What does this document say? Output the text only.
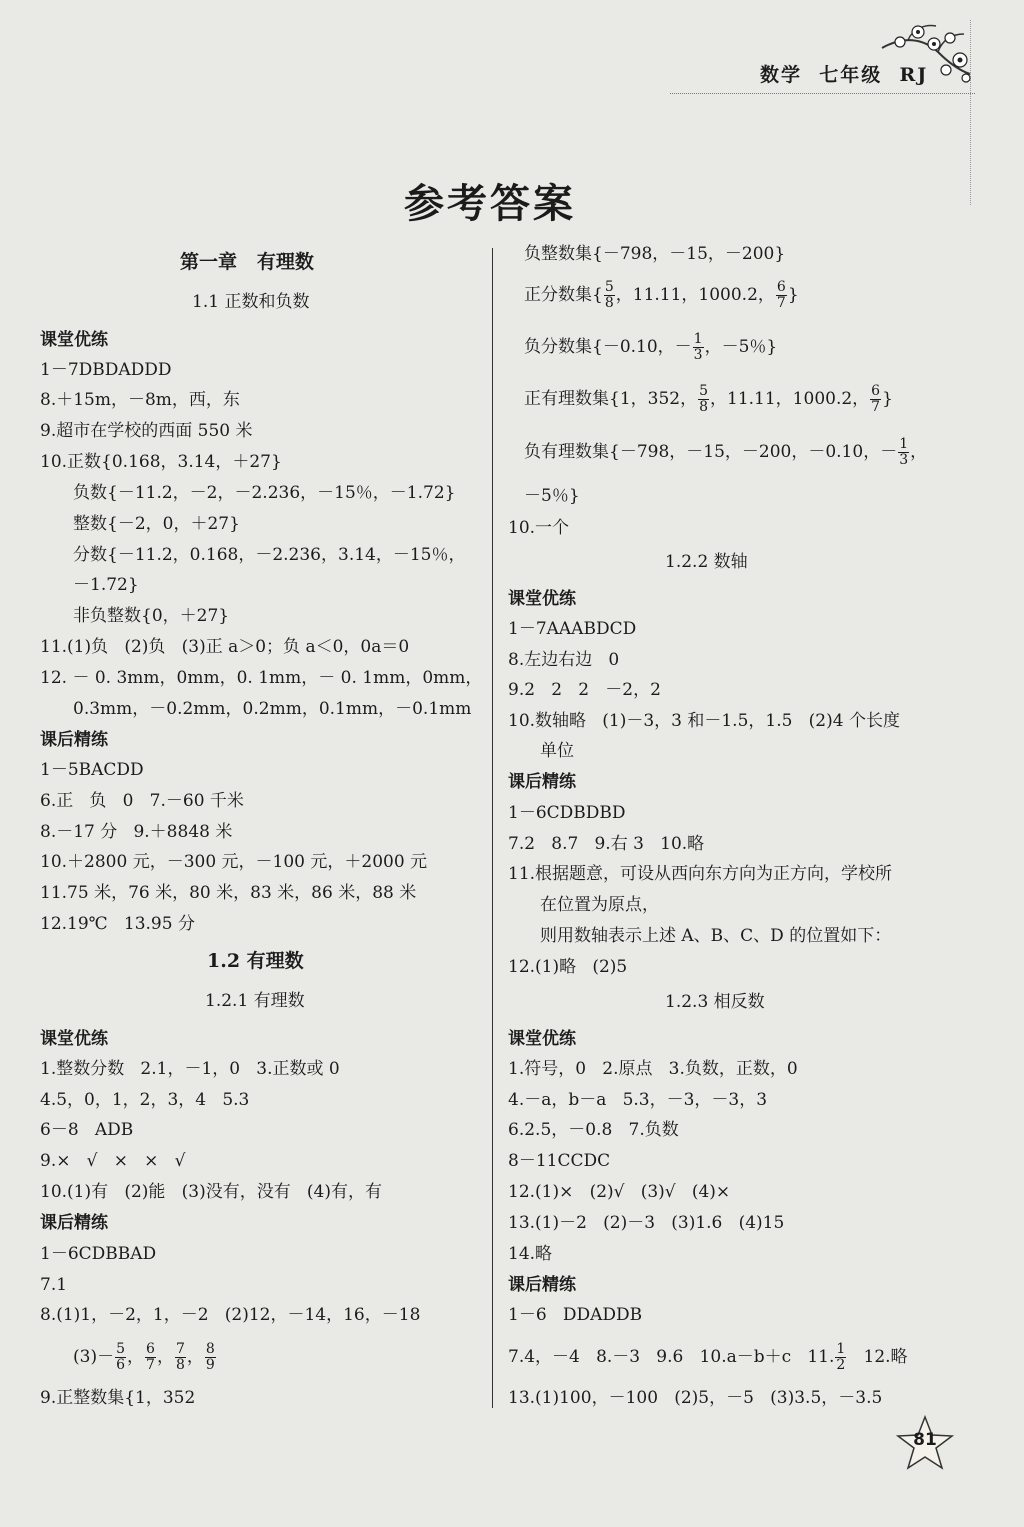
数学  七年级  RJ
参考答案
第一章   有理数
1.1 正数和负数
课堂优练
1－7DBDADDD
8.＋15m，－8m，西，东
9.超市在学校的西面 550 米
10.正数{0.168，3.14，＋27}
负数{－11.2，－2，－2.236，－15％，－1.72}
整数{－2，0，＋27}
分数{－11.2，0.168，－2.236，3.14，－15％，
－1.72}
非负整数{0，＋27}
11.(1)负   (2)负   (3)正 a＞0；负 a＜0，0a＝0
12. － 0. 3mm，0mm，0. 1mm，－ 0. 1mm，0mm，
0.3mm，－0.2mm，0.2mm，0.1mm，－0.1mm
课后精练
1－5BACDD
6.正   负   0   7.－60 千米
8.－17 分   9.＋8848 米
10.＋2800 元，－300 元，－100 元，＋2000 元
11.75 米，76 米，80 米，83 米，86 米，88 米
12.19℃   13.95 分
1.2 有理数
1.2.1 有理数
课堂优练
1.整数分数   2.1，－1，0   3.正数或 0
4.5，0，1，2，3，4   5.3
6－8   ADB
9.×   √   ×   ×   √
10.(1)有   (2)能   (3)没有，没有   (4)有，有
课后精练
1－6CDBBAD
7.1
8.(1)1，－2，1，－2   (2)12，－14，16，－18
$(3)- \frac{5}{6}$ ， $\frac{6}{7}$ ， $\frac{7}{8}$ ， $\frac{8}{9}$
9.正整数集{1，352
负整数集{－798，－15，－200}
正分数集{ $\frac{5}{8}$ ，11.11，1000.2， $\frac{6}{7}$ }
负分数集{－0.10，－ $\frac{1}{3}$ ，－5％}
正有理数集{1，352， $\frac{5}{8}$ ，11.11，1000.2， $\frac{6}{7}$ }
负有理数集{－798，－15，－200，－0.10，－ $\frac{1}{3}$ ，
－5％}
10.一个
1.2.2 数轴
课堂优练
1－7AAABDCD
8.左边右边   0
9.2   2   2   －2，2
10.数轴略   (1)－3，3 和－1.5，1.5   (2)4 个长度
单位
课后精练
1－6CDBDBD
7.2   8.7   9.右 3   10.略
11.根据题意，可设从西向东方向为正方向，学校所
在位置为原点，
则用数轴表示上述 A、B、C、D 的位置如下：
12.(1)略   (2)5
1.2.3 相反数
课堂优练
1.符号，0   2.原点   3.负数，正数，0
4.－a，b－a   5.3，－3，－3，3
6.2.5，－0.8   7.负数
8－11CCDC
12.(1)×   (2)√   (3)√   (4)×
13.(1)－2   (2)－3   (3)1.6   (4)15
14.略
课后精练
1－6   DDADDB
7.4，－4   8.－3   9.6   10.a－b＋c   11. $\frac{1}{2} 12$.略
13.(1)100，－100   (2)5，－5   (3)3.5，－3.5
81
